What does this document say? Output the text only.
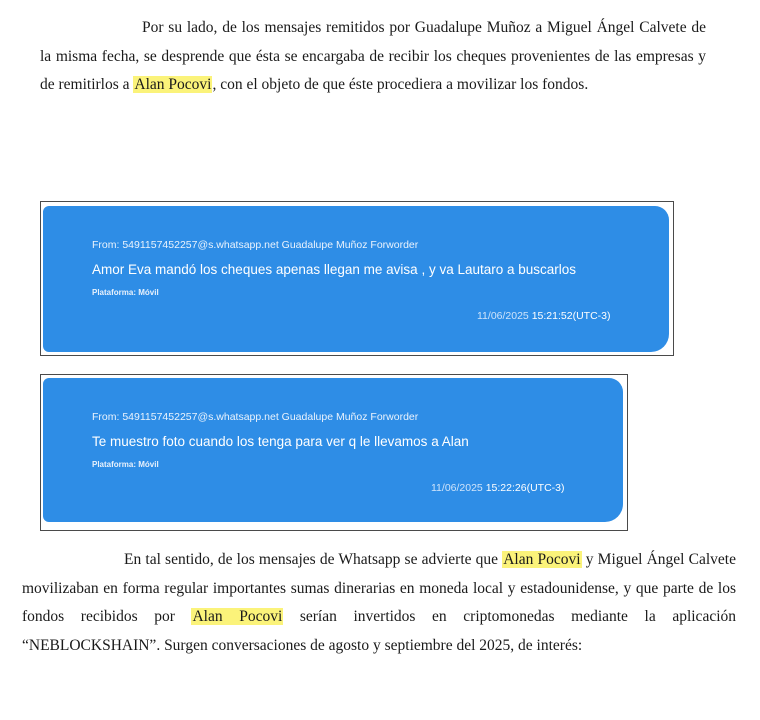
Por su lado, de los mensajes remitidos por Guadalupe Muñoz a Miguel Ángel Calvete de la misma fecha, se desprende que ésta se encargaba de recibir los cheques provenientes de las empresas y de remitirlos a Alan Pocovi, con el objeto de que éste procediera a movilizar los fondos.

From: 5491157452257@s.whatsapp.net Guadalupe Muñoz Forworder
Amor Eva mandó los cheques apenas llegan me avisa , y va Lautaro a buscarlos
Plataforma: Móvil
11/06/2025 15:21:52(UTC-3)
From: 5491157452257@s.whatsapp.net Guadalupe Muñoz Forworder
Te muestro foto cuando los tenga para ver q le llevamos a Alan
Plataforma: Móvil
11/06/2025 15:22:26(UTC-3)

En tal sentido, de los mensajes de Whatsapp se advierte que Alan Pocovi y Miguel Ángel Calvete movilizaban en forma regular importantes sumas dinerarias en moneda local y estadounidense, y que parte de los fondos recibidos por Alan Pocovi serían invertidos en criptomonedas mediante la aplicación “NEBLOCKSHAIN”. Surgen conversaciones de agosto y septiembre del 2025, de interés:
